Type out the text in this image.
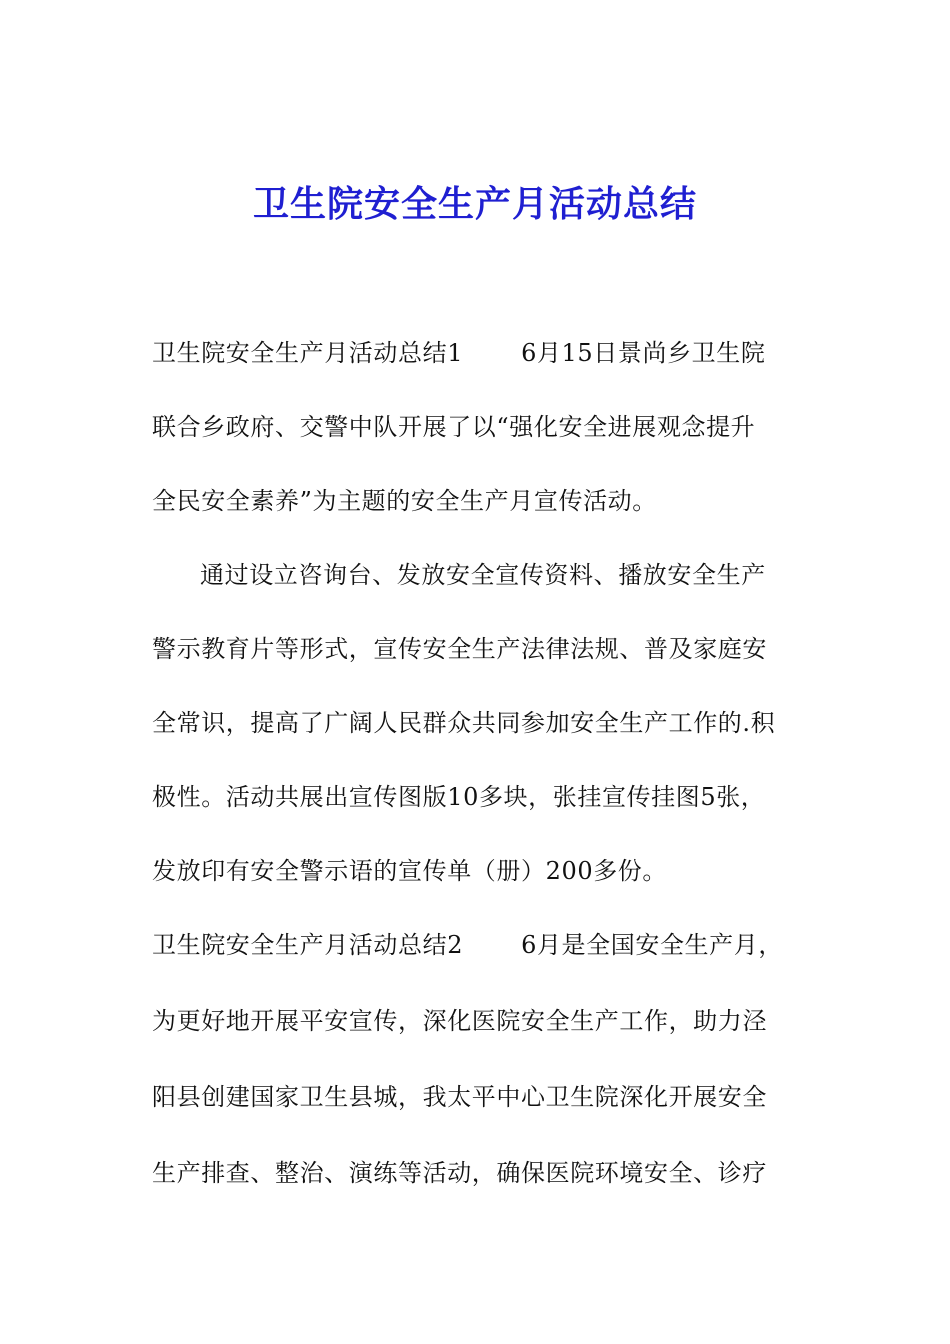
卫生院安全生产月活动总结
卫生院安全生产月活动总结1 6月15日景尚乡卫生院
联合乡政府、交警中队开展了以“强化安全进展观念提升
全民安全素养”为主题的安全生产月宣传活动。
通过设立咨询台、发放安全宣传资料、播放安全生产
警示教育片等形式，宣传安全生产法律法规、普及家庭安
全常识，提高了广阔人民群众共同参加安全生产工作的.积
极性。活动共展出宣传图版10多块，张挂宣传挂图5张，
发放印有安全警示语的宣传单（册）200多份。
卫生院安全生产月活动总结2 6月是全国安全生产月，
为更好地开展平安宣传，深化医院安全生产工作，助力泾
阳县创建国家卫生县城，我太平中心卫生院深化开展安全
生产排查、整治、演练等活动，确保医院环境安全、诊疗
